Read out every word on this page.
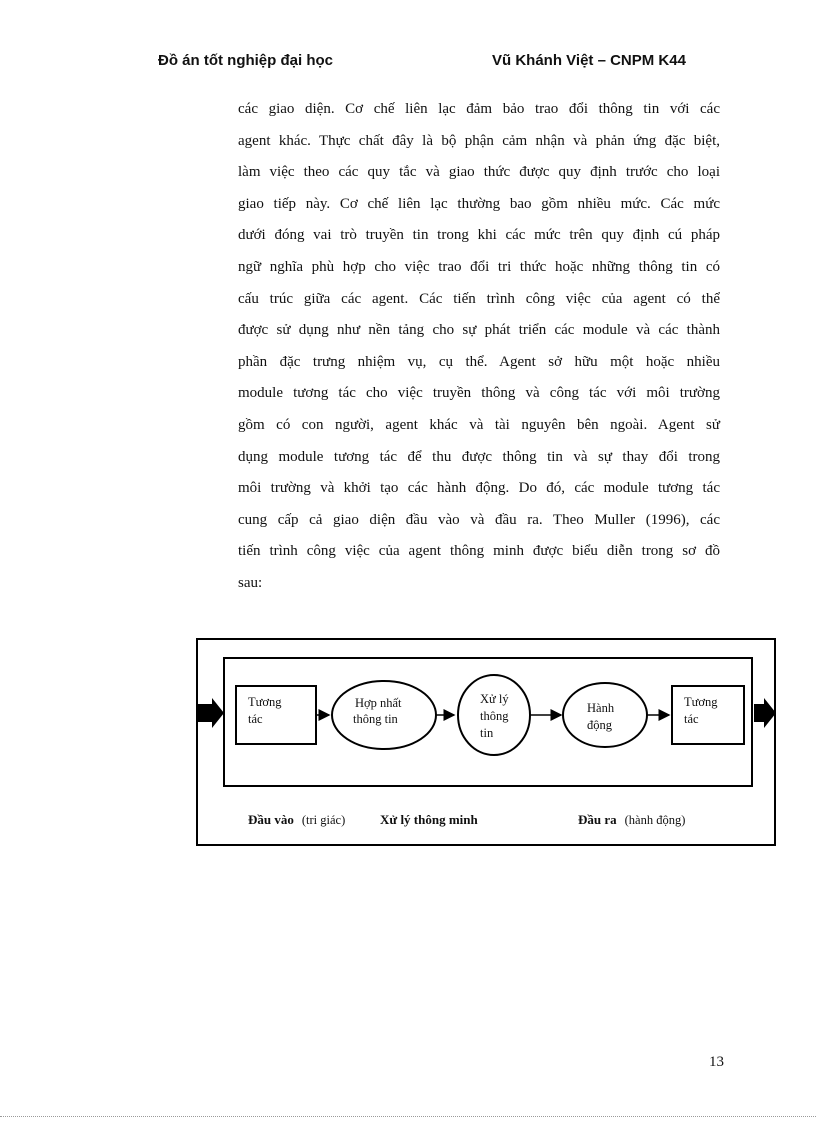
Đồ án tốt nghiệp đại học	Vũ Khánh Việt – CNPM K44
các giao diện. Cơ chế liên lạc đảm bảo trao đổi thông tin với các
agent khác. Thực chất đây là bộ phận cảm nhận và phản ứng đặc biệt,
làm việc theo các quy tắc và giao thức được quy định trước cho loại
giao tiếp này. Cơ chế liên lạc thường bao gồm nhiều mức. Các mức
dưới đóng vai trò truyền tin trong khi các mức trên quy định cú pháp
ngữ nghĩa phù hợp cho việc trao đổi tri thức hoặc những thông tin có
cấu trúc giữa các agent. Các tiến trình công việc của agent có thể
được sử dụng như nền tảng cho sự phát triển các module và các thành
phần đặc trưng nhiệm vụ, cụ thể. Agent sở hữu một hoặc nhiều
module tương tác cho việc truyền thông và công tác với môi trường
gồm có con người, agent khác và tài nguyên bên ngoài. Agent sử
dụng module tương tác để thu được thông tin và sự thay đổi trong
môi trường và khởi tạo các hành động. Do đó, các module tương tác
cung cấp cả giao diện đầu vào và đầu ra. Theo Muller (1996), các
tiến trình công việc của agent thông minh được biểu diễn trong sơ đồ
sau:
Tương
tác
Hợp nhất
thông tin
Xử lý
thông
tin
Hành
động
Tương
tác
Đầu vào (tri giác)	Xử lý thông minh	Đầu ra (hành động)
13
